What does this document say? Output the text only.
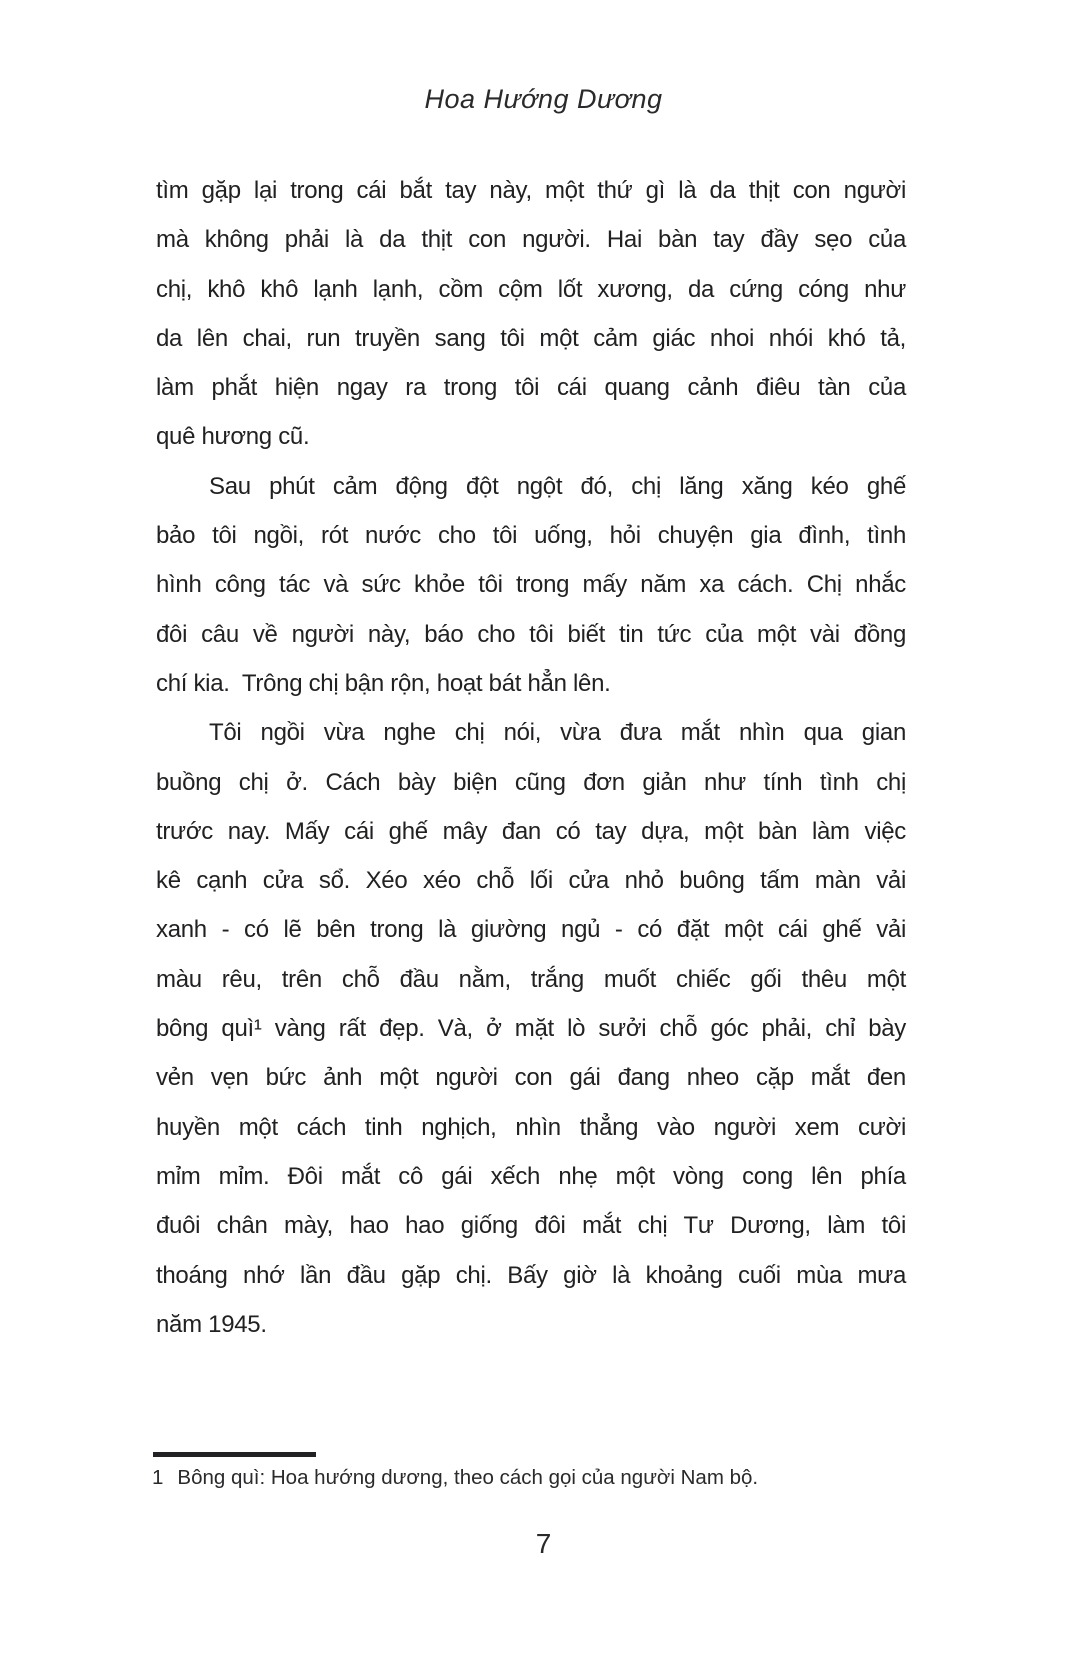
Hoa Hướng Dương
tìm gặp lại trong cái bắt tay này, một thứ gì là da thịt con người
mà không phải là da thịt con người. Hai bàn tay đầy sẹo của
chị, khô khô lạnh lạnh, cồm cộm lốt xương, da cứng cóng như
da lên chai, run truyền sang tôi một cảm giác nhoi nhói khó tả,
làm phắt hiện ngay ra trong tôi cái quang cảnh điêu tàn của
quê hương cũ.
Sau phút cảm động đột ngột đó, chị lăng xăng kéo ghế
bảo tôi ngồi, rót nước cho tôi uống, hỏi chuyện gia đình, tình
hình công tác và sức khỏe tôi trong mấy năm xa cách. Chị nhắc
đôi câu về người này, báo cho tôi biết tin tức của một vài đồng
chí kia.  Trông chị bận rộn, hoạt bát hẳn lên.
Tôi ngồi vừa nghe chị nói, vừa đưa mắt nhìn qua gian
buồng chị ở. Cách bày biện cũng đơn giản như tính tình chị
trước nay. Mấy cái ghế mây đan có tay dựa, một bàn làm việc
kê cạnh cửa sổ. Xéo xéo chỗ lối cửa nhỏ buông tấm màn vải
xanh - có lẽ bên trong là giường ngủ - có đặt một cái ghế vải
màu rêu, trên chỗ đầu nằm, trắng muốt chiếc gối thêu một
bông quì¹ vàng rất đẹp. Và, ở mặt lò sưởi chỗ góc phải, chỉ bày
vẻn vẹn bức ảnh một người con gái đang nheo cặp mắt đen
huyền một cách tinh nghịch, nhìn thẳng vào người xem cười
mỉm mỉm. Đôi mắt cô gái xếch nhẹ một vòng cong lên phía
đuôi chân mày, hao hao giống đôi mắt chị Tư Dương, làm tôi
thoáng nhớ lần đầu gặp chị. Bấy giờ là khoảng cuối mùa mưa
năm 1945.
1 Bông quì: Hoa hướng dương, theo cách gọi của người Nam bộ.
7
